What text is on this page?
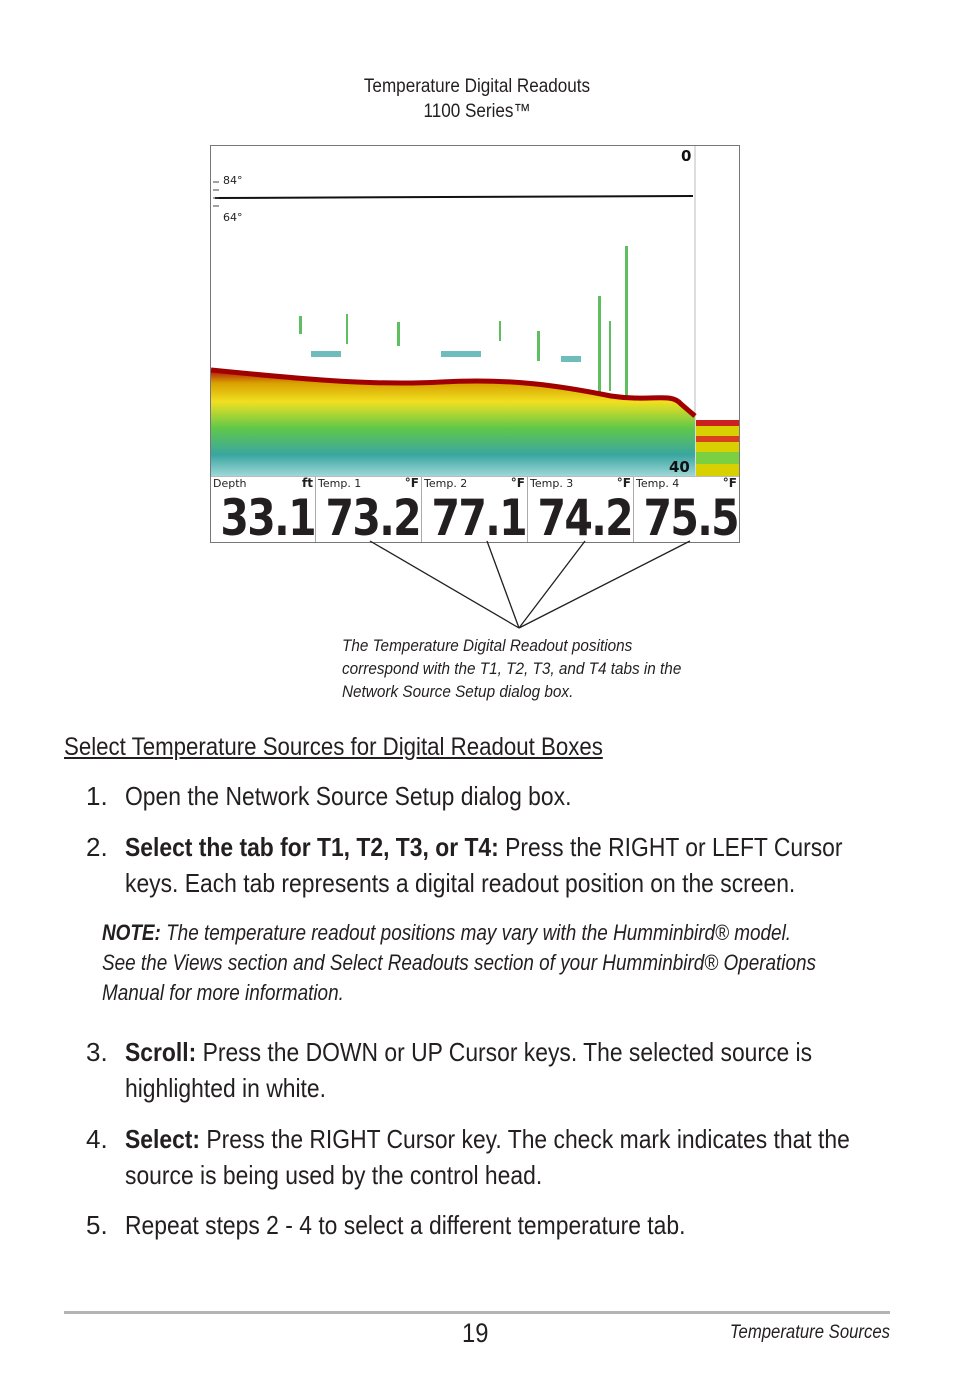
Temperature Digital Readouts
1100 Series™
84°
64°
0
40
Depth	ft
33.1
Temp. 1	°F
73.2
Temp. 2	°F
77.1
Temp. 3	°F
74.2
Temp. 4	°F
75.5
The Temperature Digital Readout positions correspond with the T1, T2, T3, and T4 tabs in the Network Source Setup dialog box.
Select Temperature Sources for Digital Readout Boxes
1. Open the Network Source Setup dialog box.
2. Select the tab for T1, T2, T3, or T4: Press the RIGHT or LEFT Cursor keys. Each tab represents a digital readout position on the screen.
NOTE: The temperature readout positions may vary with the Humminbird® model. See the Views section and Select Readouts section of your Humminbird® Operations Manual for more information.
3. Scroll: Press the DOWN or UP Cursor keys. The selected source is highlighted in white.
4. Select: Press the RIGHT Cursor key. The check mark indicates that the source is being used by the control head.
5. Repeat steps 2 - 4 to select a different temperature tab.
19	Temperature Sources
